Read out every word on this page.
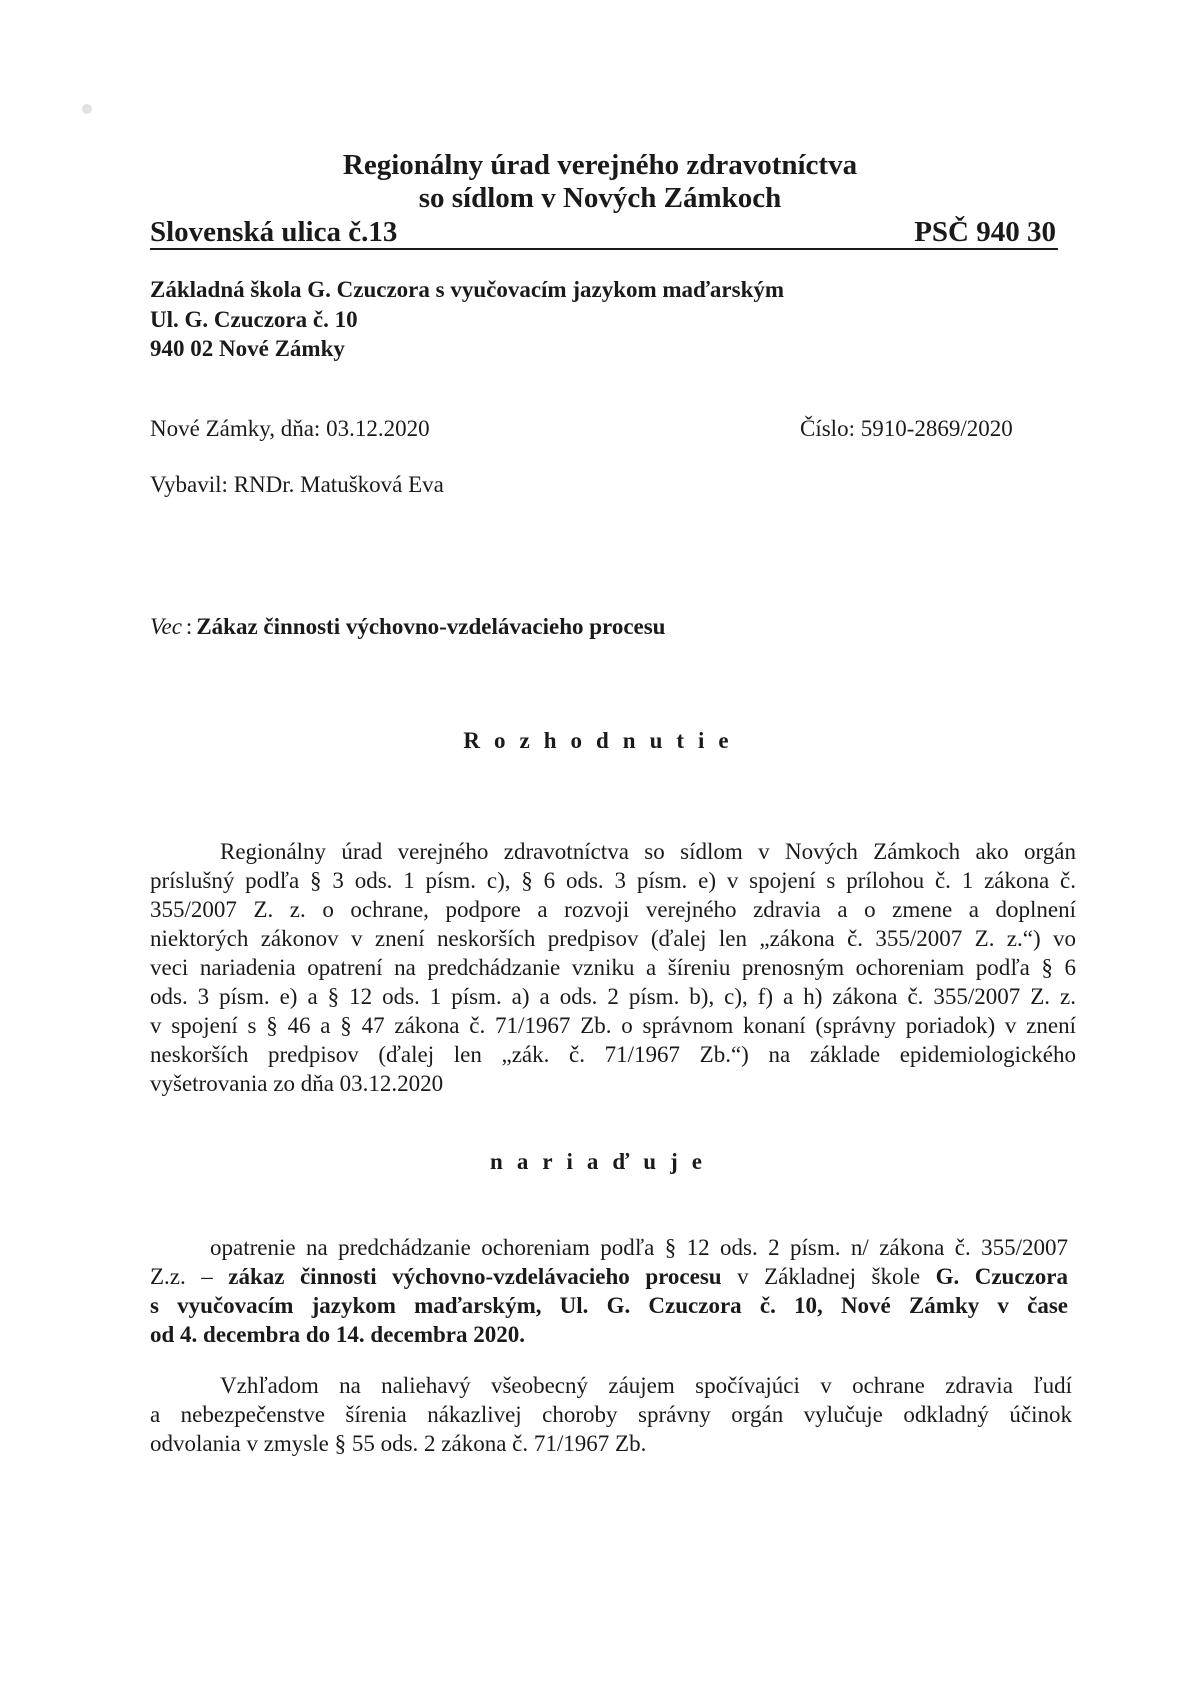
Regionálny úrad verejného zdravotníctva
so sídlom v Nových Zámkoch
Slovenská ulica č.13	PSČ 940 30
Základná škola G. Czuczora s vyučovacím jazykom maďarským
Ul. G. Czuczora č. 10
940 02 Nové Zámky
Nové Zámky, dňa: 03.12.2020	Číslo: 5910-2869/2020
Vybavil: RNDr. Matušková Eva
Vec : Zákaz činnosti výchovno-vzdelávacieho procesu
Rozhodnutie
Regionálny úrad verejného zdravotníctva so sídlom v Nových Zámkoch ako orgán
príslušný podľa § 3 ods. 1 písm. c), § 6 ods. 3 písm. e) v spojení s prílohou č. 1 zákona č.
355/2007 Z. z. o ochrane, podpore a rozvoji verejného zdravia a o zmene a doplnení
niektorých zákonov v znení neskorších predpisov (ďalej len „zákona č. 355/2007 Z. z.“) vo
veci nariadenia opatrení na predchádzanie vzniku a šíreniu prenosným ochoreniam podľa § 6
ods. 3 písm. e) a § 12 ods. 1 písm. a) a ods. 2 písm. b), c), f) a h) zákona č. 355/2007 Z. z.
v spojení s § 46 a § 47 zákona č. 71/1967 Zb. o správnom konaní (správny poriadok) v znení
neskorších predpisov (ďalej len „zák. č. 71/1967 Zb.“) na základe epidemiologického
vyšetrovania zo dňa 03.12.2020
nariaďuje
opatrenie na predchádzanie ochoreniam podľa § 12 ods. 2 písm. n/ zákona č. 355/2007
Z.z. – zákaz činnosti výchovno-vzdelávacieho procesu v Základnej škole G. Czuczora
s vyučovacím jazykom maďarským, Ul. G. Czuczora č. 10, Nové Zámky v čase
od 4. decembra do 14. decembra 2020.
Vzhľadom na naliehavý všeobecný záujem spočívajúci v ochrane zdravia ľudí
a nebezpečenstve šírenia nákazlivej choroby správny orgán vylučuje odkladný účinok
odvolania v zmysle § 55 ods. 2 zákona č. 71/1967 Zb.
